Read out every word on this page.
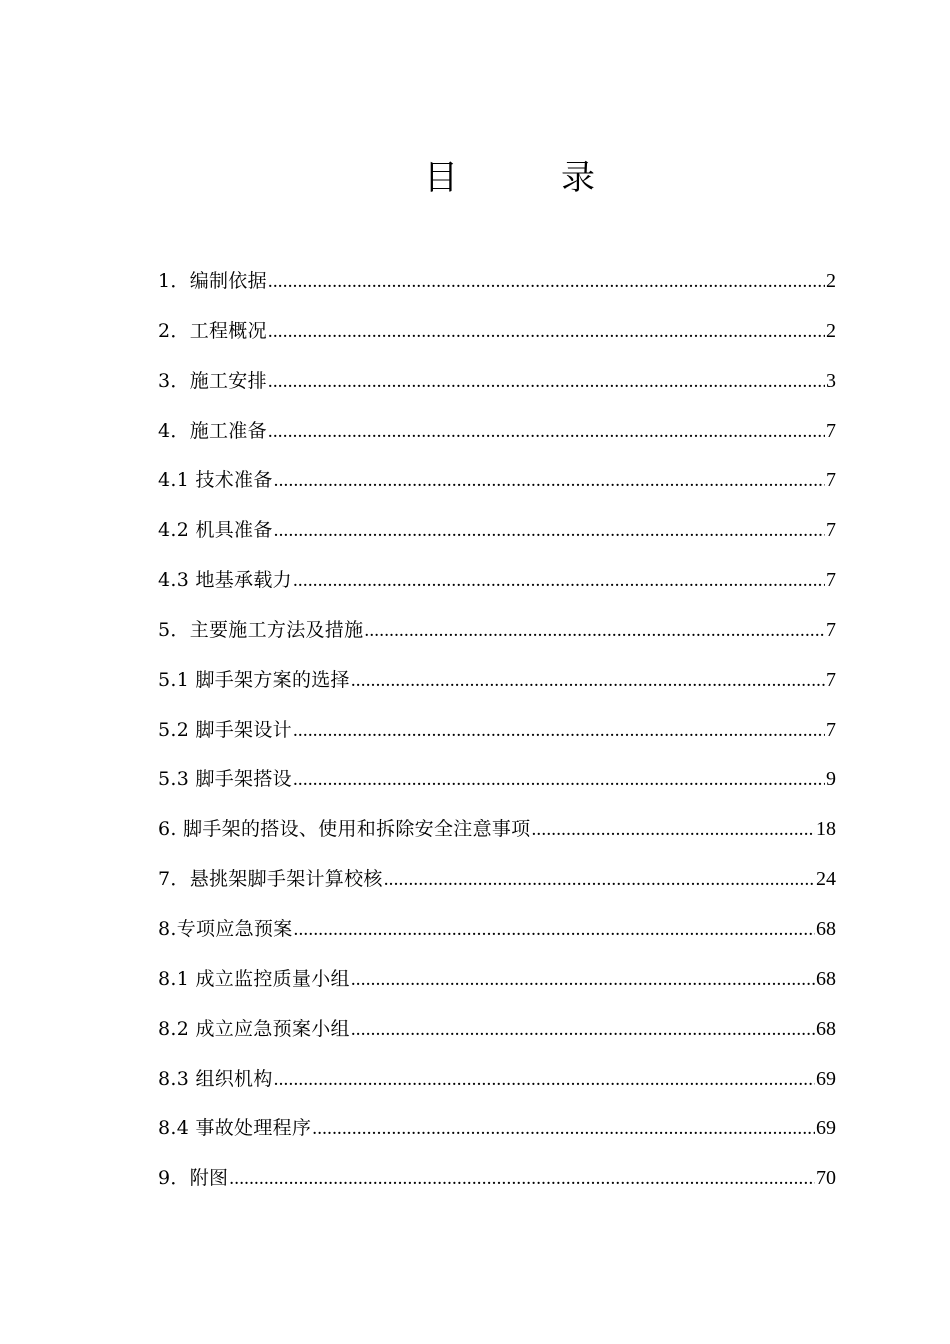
目	录
1．编制依据 .....	2
2．工程概况 .....	2
3．施工安排 .....	3
4．施工准备 .....	7
4.1 技术准备 .....	7
4.2 机具准备 .....	7
4.3 地基承载力 .....	7
5．主要施工方法及措施 .....	7
5.1 脚手架方案的选择 .....	7
5.2 脚手架设计 .....	7
5.3 脚手架搭设 .....	9
6. 脚手架的搭设、使用和拆除安全注意事项 .....	18
7．悬挑架脚手架计算校核 .....	24
8.专项应急预案 .....	68
8.1 成立监控质量小组 .....	68
8.2 成立应急预案小组 .....	68
8.3 组织机构 .....	69
8.4 事故处理程序 .....	69
9．附图 .....	70
